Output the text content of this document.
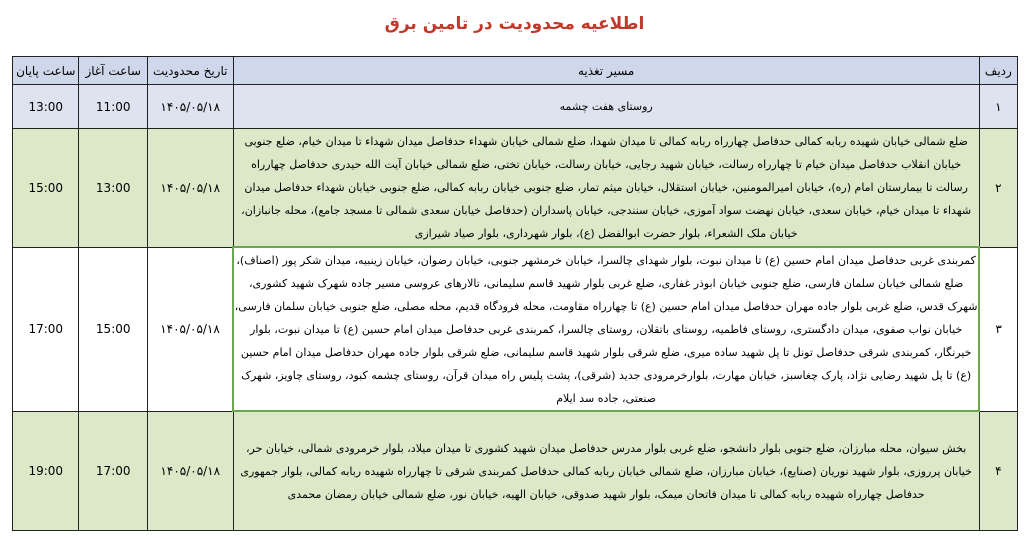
اطلاعیه محدودیت در تامین برق
ردیف	مسیر تغذیه	تاریخ محدودیت	ساعت آغاز	ساعت پایان
۱	روستای هفت چشمه	۱۴۰۵/۰۵/۱۸	11:00	13:00
۲	ضلع شمالی خیابان شهیده ربابه کمالی حدفاصل چهارراه ربابه کمالی تا میدان شهدا، ضلع شمالی خیابان شهداء حدفاصل میدان شهداء تا میدان خیام، ضلع جنوبی خیابان انقلاب حدفاصل میدان خیام تا چهارراه رسالت، خیابان شهید رجایی، خیابان رسالت، خیابان تختی، ضلع شمالی خیابان آیت الله حیدری حدفاصل چهارراه رسالت تا بیمارستان امام (ره)، خیابان امیرالمومنین، خیابان استقلال، خیابان میثم تمار، ضلع جنوبی خیابان ربابه کمالی، ضلع جنوبی خیابان شهداء حدفاصل میدان شهداء تا میدان خیام، خیابان سعدی، خیابان نهضت سواد آموزی، خیابان سنندجی، خیابان پاسداران (حدفاصل خیابان سعدی شمالی تا مسجد جامع)، محله جانبازان، خیابان ملک الشعراء، بلوار حضرت ابوالفضل (ع)، بلوار شهرداری، بلوار صیاد شیرازی	۱۴۰۵/۰۵/۱۸	13:00	15:00
۳	کمربندی غربی حدفاصل میدان امام حسین (ع) تا میدان نبوت، بلوار شهدای چالسرا، خیابان خرمشهر جنوبی، خیابان رضوان، خیابان زینبیه، میدان شکر پور (اصناف)، ضلع شمالی خیابان سلمان فارسی، ضلع جنوبی خیابان ابوذر غفاری، ضلع غربی بلوار شهید قاسم سلیمانی، تالارهای عروسی مسیر جاده شهرک شهید کشوری، شهرک قدس، ضلع غربی بلوار جاده مهران حدفاصل میدان امام حسین (ع) تا چهارراه مقاومت، محله فرودگاه قدیم، محله مصلی، ضلع جنوبی خیابان سلمان فارسی، خیابان نواب صفوی، میدان دادگستری، روستای فاطمیه، روستای باتقلان، روستای چالسرا، کمربندی غربی حدفاصل میدان امام حسین (ع) تا میدان نبوت، بلوار خیرنگار، کمربندی شرقی حدفاصل تونل تا پل شهید ساده میری، ضلع شرقی بلوار شهید قاسم سلیمانی، ضلع شرقی بلوار جاده مهران حدفاصل میدان امام حسین (ع) تا پل شهید رضایی نژاد، پارک چغاسبز، خیابان مهارت، بلوارخرمرودی جدید (شرقی)، پشت پلیس راه میدان قرآن، روستای چشمه کبود، روستای چاویز، شهرک صنعتی، جاده سد ایلام	۱۴۰۵/۰۵/۱۸	15:00	17:00
۴	بخش سیوان، محله مبارزان، ضلع جنوبی بلوار دانشجو، ضلع غربی بلوار مدرس حدفاصل میدان شهید کشوری تا میدان میلاد، بلوار خرمرودی شمالی، خیابان حر، خیابان پرروزی، بلوار شهید نوریان (صنایع)، خیابان مبارزان، ضلع شمالی خیابان ربابه کمالی حدفاصل کمربندی شرقی تا چهارراه شهیده ربابه کمالی، بلوار جمهوری حدفاصل چهارراه شهیده ربابه کمالی تا میدان فاتحان میمک، بلوار شهید صدوقی، خیابان الهیه، خیابان نور، ضلع شمالی خیابان رمضان محمدی	۱۴۰۵/۰۵/۱۸	17:00	19:00
